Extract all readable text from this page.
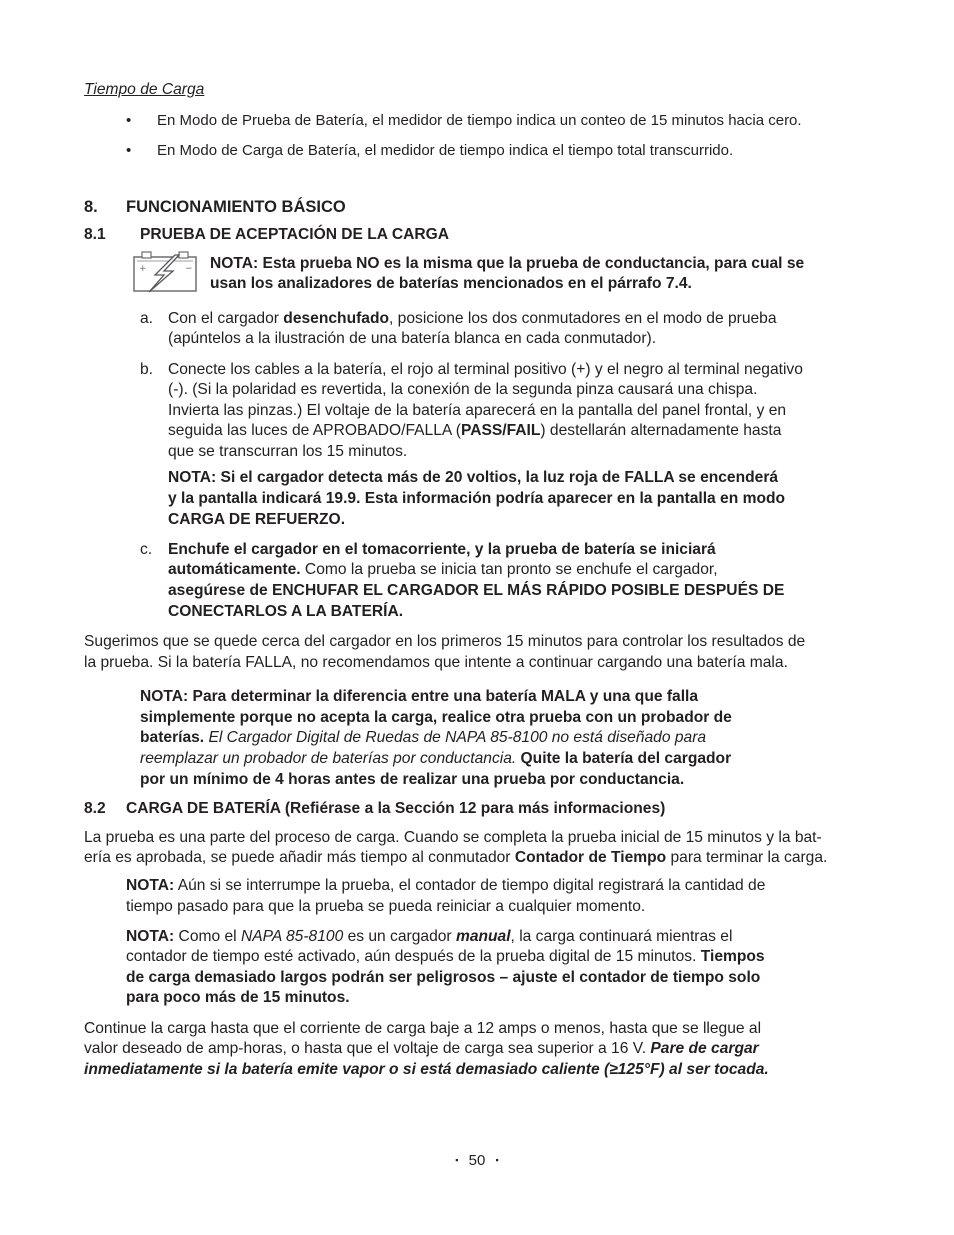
Tiempo de Carga
• En Modo de Prueba de Batería, el medidor de tiempo indica un conteo de 15 minutos hacia cero.
• En Modo de Carga de Batería, el medidor de tiempo indica el tiempo total transcurrido.
8. FUNCIONAMIENTO BÁSICO
8.1 PRUEBA DE ACEPTACIÓN DE LA CARGA
+	− NOTA: Esta prueba NO es la misma que la prueba de conductancia, para cual se
usan los analizadores de baterías mencionados en el párrafo 7.4.
a. Con el cargador desenchufado, posicione los dos conmutadores en el modo de prueba
(apúntelos a la ilustración de una batería blanca en cada conmutador).
b. Conecte los cables a la batería, el rojo al terminal positivo (+) y el negro al terminal negativo
(-). (Si la polaridad es revertida, la conexión de la segunda pinza causará una chispa.
Invierta las pinzas.) El voltaje de la batería aparecerá en la pantalla del panel frontal, y en
seguida las luces de APROBADO/FALLA (PASS/FAIL) destellarán alternadamente hasta
que se transcurran los 15 minutos.
NOTA: Si el cargador detecta más de 20 voltios, la luz roja de FALLA se encenderá
y la pantalla indicará 19.9. Esta información podría aparecer en la pantalla en modo
CARGA DE REFUERZO.
c. Enchufe el cargador en el tomacorriente, y la prueba de batería se iniciará
automáticamente. Como la prueba se inicia tan pronto se enchufe el cargador,
asegúrese de ENCHUFAR EL CARGADOR EL MÁS RÁPIDO POSIBLE DESPUÉS DE
CONECTARLOS A LA BATERÍA.
Sugerimos que se quede cerca del cargador en los primeros 15 minutos para controlar los resultados de
la prueba. Si la batería FALLA, no recomendamos que intente a continuar cargando una batería mala.
NOTA: Para determinar la diferencia entre una batería MALA y una que falla
simplemente porque no acepta la carga, realice otra prueba con un probador de
baterías. El Cargador Digital de Ruedas de NAPA 85-8100 no está diseñado para
reemplazar un probador de baterías por conductancia. Quite la batería del cargador
por un mínimo de 4 horas antes de realizar una prueba por conductancia.
8.2 CARGA DE BATERÍA (Refiérase a la Sección 12 para más informaciones)
La prueba es una parte del proceso de carga. Cuando se completa la prueba inicial de 15 minutos y la bat-
ería es aprobada, se puede añadir más tiempo al conmutador Contador de Tiempo para terminar la carga.
NOTA: Aún si se interrumpe la prueba, el contador de tiempo digital registrará la cantidad de
tiempo pasado para que la prueba se pueda reiniciar a cualquier momento.
NOTA: Como el NAPA 85-8100 es un cargador manual, la carga continuará mientras el
contador de tiempo esté activado, aún después de la prueba digital de 15 minutos. Tiempos
de carga demasiado largos podrán ser peligrosos – ajuste el contador de tiempo solo
para poco más de 15 minutos.
Continue la carga hasta que el corriente de carga baje a 12 amps o menos, hasta que se llegue al
valor deseado de amp-horas, o hasta que el voltaje de carga sea superior a 16 V. Pare de cargar
inmediatamente si la batería emite vapor o si está demasiado caliente (≥125°F) al ser tocada.
▪ 50 ▪
